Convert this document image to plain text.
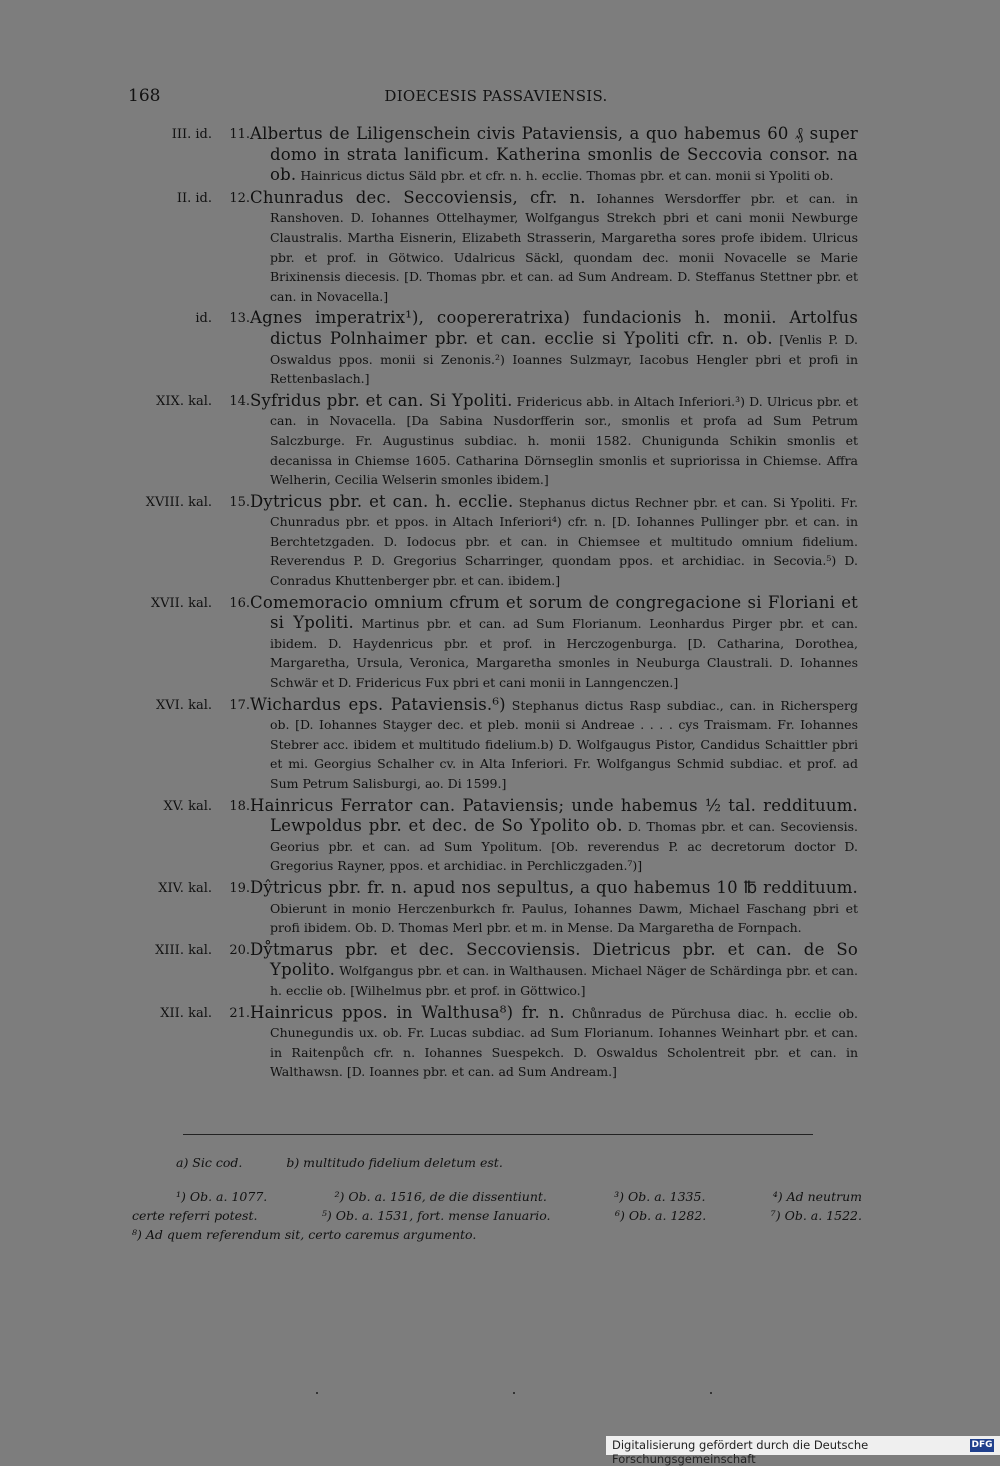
168	DIOECESIS PASSAVIENSIS.
III. id.	11. Albertus de Liligenschein civis Pataviensis, a quo habemus 60 ₰ super domo in strata lanificum. Katherina smonlis de Seccovia consor. na ob. Hainricus dictus Säld pbr. et cfr. n. h. ecclie. Thomas pbr. et can. monii si Ypoliti ob.
II. id.	12. Chunradus dec. Seccoviensis, cfr. n. Iohannes Wersdorffer pbr. et can. in Ranshoven. D. Iohannes Ottelhaymer, Wolfgangus Strekch pbri et cani monii Newburge Claustralis. Martha Eisnerin, Elizabeth Strasserin, Margaretha sores profe ibidem. Ulricus pbr. et prof. in Götwico. Udalricus Säckl, quondam dec. monii Novacelle se Marie Brixinensis diecesis. [D. Thomas pbr. et can. ad Sum Andream. D. Steffanus Stettner pbr. et can. in Novacella.]
id.	13. Agnes imperatrix¹), coopereratrixa) fundacionis h. monii. Artolfus dictus Polnhaimer pbr. et can. ecclie si Ypoliti cfr. n. ob. [Venlis P. D. Oswaldus ppos. monii si Zenonis.²) Ioannes Sulzmayr, Iacobus Hengler pbri et profi in Rettenbaslach.]
XIX. kal.	14. Syfridus pbr. et can. Si Ypoliti. Fridericus abb. in Altach Inferiori.³) D. Ulricus pbr. et can. in Novacella. [Da Sabina Nusdorfferin sor., smonlis et profa ad Sum Petrum Salczburge. Fr. Augustinus subdiac. h. monii 1582. Chunigunda Schikin smonlis et decanissa in Chiemse 1605. Catharina Dörnseglin smonlis et supriorissa in Chiemse. Affra Welherin, Cecilia Welserin smonles ibidem.]
XVIII. kal.	15. Dytricus pbr. et can. h. ecclie. Stephanus dictus Rechner pbr. et can. Si Ypoliti. Fr. Chunradus pbr. et ppos. in Altach Inferiori⁴) cfr. n. [D. Iohannes Pullinger pbr. et can. in Berchtetzgaden. D. Iodocus pbr. et can. in Chiemsee et multitudo omnium fidelium. Reverendus P. D. Gregorius Scharringer, quondam ppos. et archidiac. in Secovia.⁵) D. Conradus Khuttenberger pbr. et can. ibidem.]
XVII. kal.	16. Comemoracio omnium cfrum et sorum de congregacione si Floriani et si Ypoliti. Martinus pbr. et can. ad Sum Florianum. Leonhardus Pirger pbr. et can. ibidem. D. Haydenricus pbr. et prof. in Herczogenburga. [D. Catharina, Dorothea, Margaretha, Ursula, Veronica, Margaretha smonles in Neuburga Claustrali. D. Iohannes Schwär et D. Fridericus Fux pbri et cani monii in Lanngenczen.]
XVI. kal.	17. Wichardus eps. Pataviensis.⁶) Stephanus dictus Rasp subdiac., can. in Richersperg ob. [D. Iohannes Stayger dec. et pleb. monii si Andreae . . . . cys Traismam. Fr. Iohannes Stebrer acc. ibidem et multitudo fidelium.b) D. Wolfgaugus Pistor, Candidus Schaittler pbri et mi. Georgius Schalher cv. in Alta Inferiori. Fr. Wolfgangus Schmid subdiac. et prof. ad Sum Petrum Salisburgi, ao. Di 1599.]
XV. kal.	18. Hainricus Ferrator can. Pataviensis; unde habemus ½ tal. reddituum. Lewpoldus pbr. et dec. de So Ypolito ob. D. Thomas pbr. et can. Secoviensis. Georius pbr. et can. ad Sum Ypolitum. [Ob. reverendus P. ac decretorum doctor D. Gregorius Rayner, ppos. et archidiac. in Perchliczgaden.⁷)]
XIV. kal.	19. Dŷtricus pbr. fr. n. apud nos sepultus, a quo habemus 10 ℔ reddituum. Obierunt in monio Herczenburkch fr. Paulus, Iohannes Dawm, Michael Faschang pbri et profi ibidem. Ob. D. Thomas Merl pbr. et m. in Mense. Da Margaretha de Fornpach.
XIII. kal.	20. Dẙtmarus pbr. et dec. Seccoviensis. Dietricus pbr. et can. de So Ypolito. Wolfgangus pbr. et can. in Walthausen. Michael Näger de Schärdinga pbr. et can. h. ecclie ob. [Wilhelmus pbr. et prof. in Göttwico.]
XII. kal.	21. Hainricus ppos. in Walthusa⁸) fr. n. Chůnradus de Pŭrchusa diac. h. ecclie ob. Chunegundis ux. ob. Fr. Lucas subdiac. ad Sum Florianum. Iohannes Weinhart pbr. et can. in Raitenpůch cfr. n. Iohannes Suespekch. D. Oswaldus Scholentreit pbr. et can. in Walthawsn. [D. Ioannes pbr. et can. ad Sum Andream.]
a) Sic cod.	b) multitudo fidelium deletum est.
¹) Ob. a. 1077.	²) Ob. a. 1516, de die dissentiunt.	³) Ob. a. 1335.	⁴) Ad neutrum
certe referri potest.	⁵) Ob. a. 1531, fort. mense Ianuario.	⁶) Ob. a. 1282.	⁷) Ob. a. 1522.
⁸) Ad quem referendum sit, certo caremus argumento.
Digitalisierung gefördert durch die Deutsche Forschungsgemeinschaft
DFG
